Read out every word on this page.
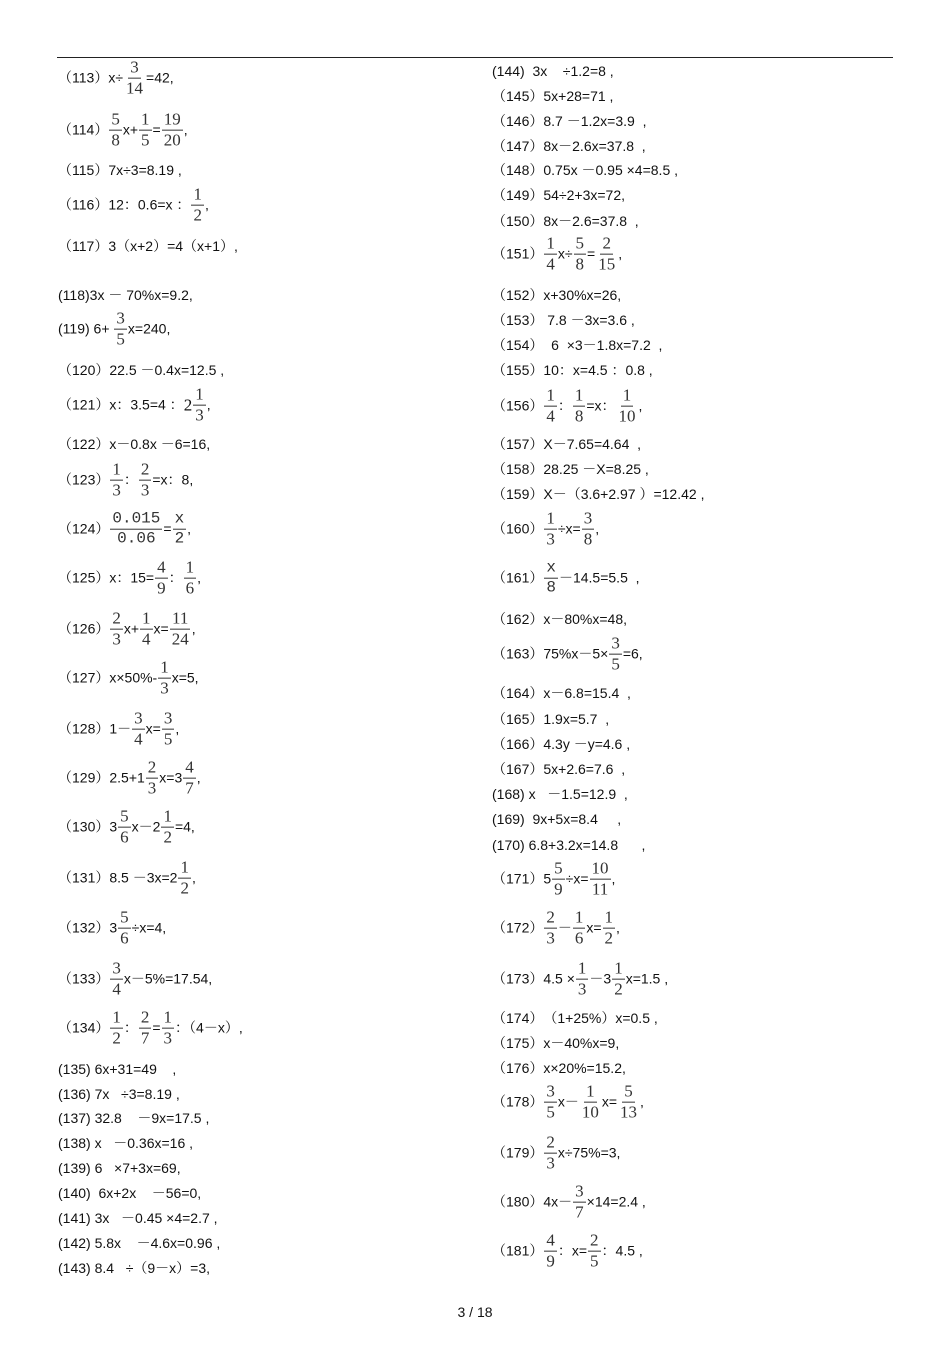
（113） $x\div \frac{3}{14} =42$,
$(114) \frac{5}{8} x+ \frac{1}{5} = \frac{19}{20}$ ,
（115） 7x÷3=8.19 ,
（116） 12：0.6=x ： $\frac{1}{2}$ ,
（117） 3（x+2）=4（x+1）,
(118) 3x － 70%x=9.2,
(119) $6+ \frac{3}{5} x=240$,
（120） 22.5 －0.4x=12.5 ,
（121） x：3.5=4 ： $2 \frac{1}{3}$ ,
（122） x－0.8x －6=16,
$(123) \frac{1}{3}$ ： $\frac{2}{3} =x$：8,
$(124) \frac{0.015}{0.06} = \frac{x}{2}$ ,
（125） x：$15= \frac{4}{9}$ ： $\frac{1}{6}$ ,
$(126) \frac{2}{3} x+ \frac{1}{4} x= \frac{11}{24}$ ,
（127） $x\times 50\%- \frac{1}{3} x=5$,
（128） $1- \frac{3}{4} x= \frac{3}{5}$ ,
（129） $2.5+1 \frac{2}{3} x=3 \frac{4}{7}$ ,
（130） $3 \frac{5}{6} x-2 \frac{1}{2} =4$,
（131） $8.5 -3x=2 \frac{1}{2}$ ,
（132） $3 \frac{5}{6} \div x=4$,
$(133) \frac{3}{4} x-5\%=17.54$,
$(134) \frac{1}{2}$ ： $\frac{2}{7} = \frac{1}{3}$ ：（4－x）,
(135) 6x+31=49    ,
(136) 7x   ÷3=8.19 ,
(137) 32.8    －9x=17.5 ,
(138) x   －0.36x=16 ,
(139) 6   ×7+3x=69,
(140) 6x+2x    －56=0,
(141) 3x   －0.45 ×4=2.7 ,
(142) 5.8x    －4.6x=0.96 ,
(143) 8.4   ÷（9－x）=3,
(144) 3x    ÷1.2=8 ,
（145） 5x+28=71 ,
（146） 8.7 －1.2x=3.9  ,
（147） 8x－2.6x=37.8  ,
（148） 0.75x －0.95 ×4=8.5 ,
（149） 54÷2+3x=72,
（150） 8x－2.6=37.8  ,
$(151) \frac{1}{4} x\div \frac{5}{8} = \frac{2}{15}$ ,
（152） x+30%x=26,
（153） 7.8 －3x=3.6 ,
（154） 6  ×3－1.8x=7.2  ,
（155） 10：x=4.5 ：0.8 ,
$(156) \frac{1}{4}$ ： $\frac{1}{8} =x$： $\frac{1}{10}$ ,
（157） X－7.65=4.64  ,
（158） 28.25 －X=8.25 ,
（159） X－（3.6+2.97 ）=12.42 ,
$(160) \frac{1}{3} \div x= \frac{3}{8}$ ,
$(161) \frac{x}{8} -14.5=5.5$  ,
（162） x－80%x=48,
（163） $75\%x-5\times \frac{3}{5} =6$,
（164） x－6.8=15.4  ,
（165） 1.9x=5.7  ,
（166） 4.3y －y=4.6 ,
（167） 5x+2.6=7.6  ,
(168) x   －1.5=12.9  ,
(169) 9x+5x=8.4     ,
(170) 6.8+3.2x=14.8      ,
（171） $5 \frac{5}{9} \div x= \frac{10}{11}$ ,
$(172) \frac{2}{3} - \frac{1}{6} x= \frac{1}{2}$ ,
（173） $4.5 \times \frac{1}{3} -3 \frac{1}{2} x=1.5$ ,
（174） （1+25%）x=0.5 ,
（175） x－40%x=9,
（176） x×20%=15.2,
$(178) \frac{3}{5} x- \frac{1}{10} x= \frac{5}{13}$ ,
$(179) \frac{2}{3} x\div 75\%=3$,
（180） $4x- \frac{3}{7} \times 14=2.4$ ,
$(181) \frac{4}{9}$ ：$x= \frac{2}{5}$ ：4.5 ,
3 / 18
